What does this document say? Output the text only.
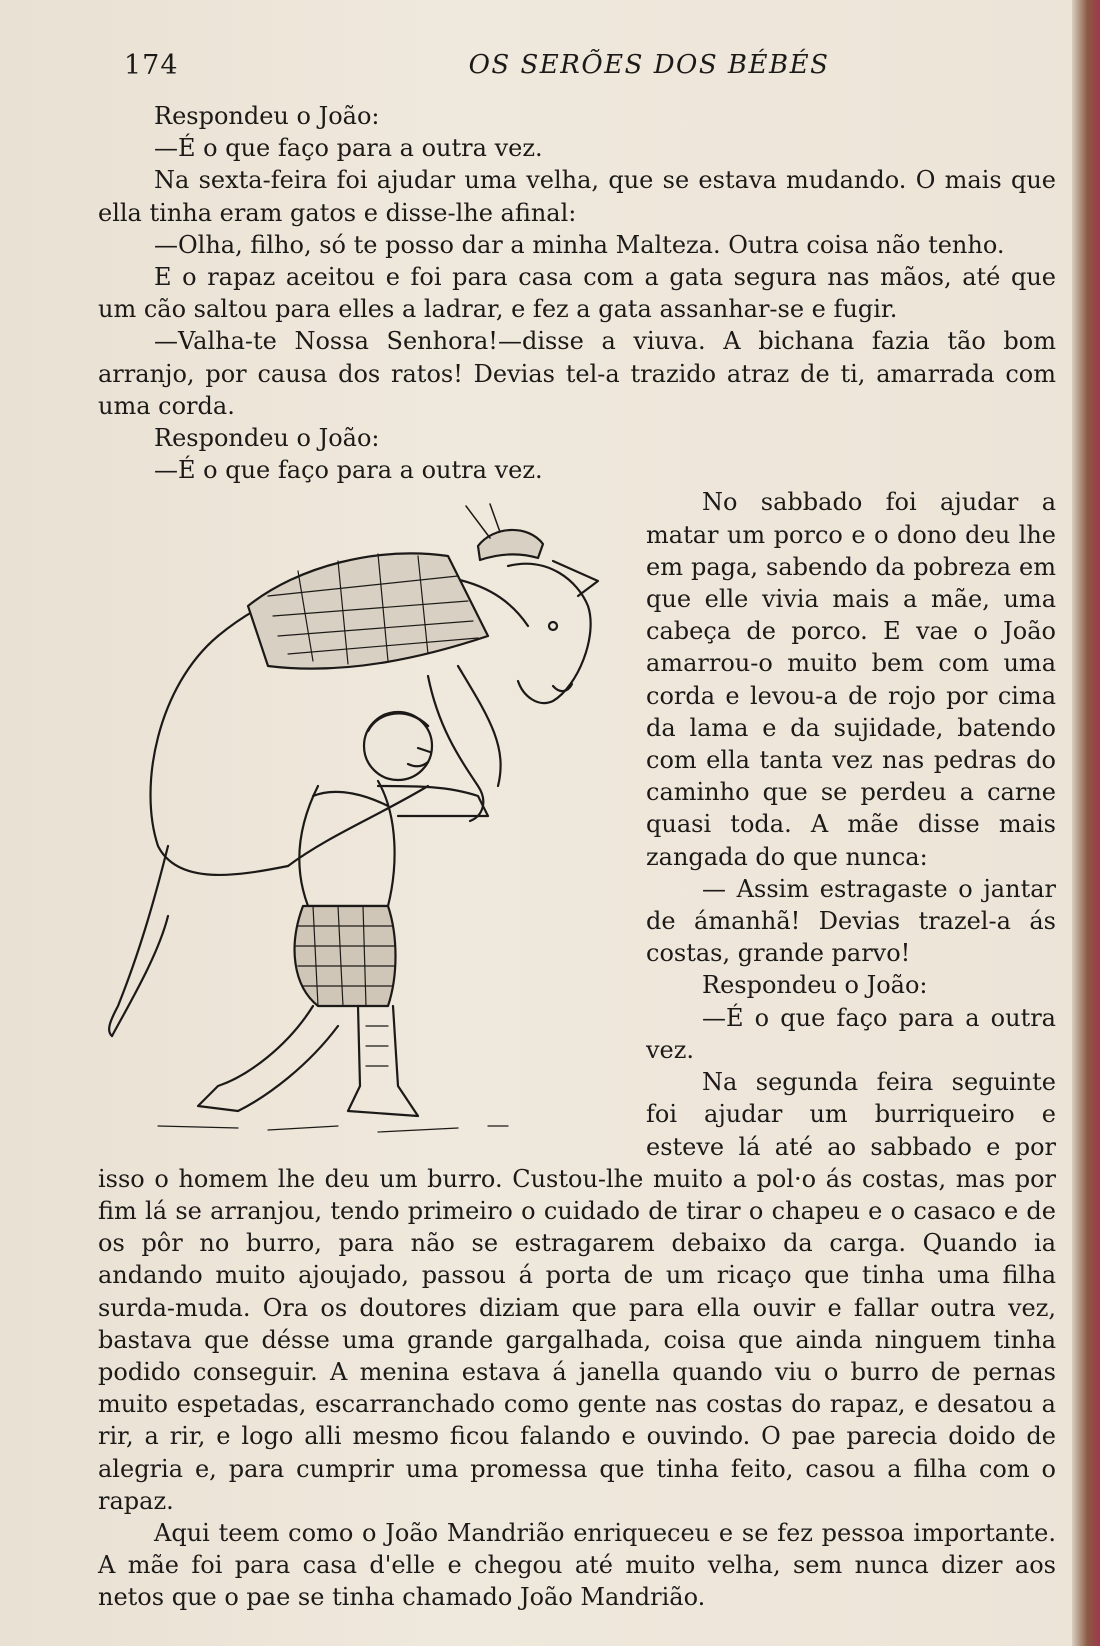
174	OS SERÕES DOS BÉBÉS

Respondeu o João:

—É o que faço para a outra vez.

Na sexta-feira foi ajudar uma velha, que se estava mudando. O mais que ella tinha eram gatos e disse-lhe afinal:

—Olha, filho, só te posso dar a minha Malteza. Outra coisa não tenho.

E o rapaz aceitou e foi para casa com a gata segura nas mãos, até que um cão saltou para elles a ladrar, e fez a gata assanhar-se e fugir.

—Valha-te Nossa Senhora!—disse a viuva. A bichana fazia tão bom arranjo, por causa dos ratos! Devias tel-a trazido atraz de ti, amarrada com uma corda.

Respondeu o João:

—É o que faço para a outra vez.

No sabbado foi ajudar a matar um porco e o dono deu lhe em paga, sabendo da pobreza em que elle vivia mais a mãe, uma cabeça de porco. E vae o João amarrou-o muito bem com uma corda e levou-a de rojo por cima da lama e da sujidade, batendo com ella tanta vez nas pedras do caminho que se perdeu a carne quasi toda. A mãe disse mais zangada do que nunca:

— Assim estragaste o jantar de ámanhã! Devias trazel-a ás costas, grande parvo!

Respondeu o João:

—É o que faço para a outra vez.

Na segunda feira seguinte foi ajudar um burriqueiro e esteve lá até ao sabbado e por isso o homem lhe deu um burro. Custou-lhe muito a pol·o ás costas, mas por fim lá se arranjou, tendo primeiro o cuidado de tirar o chapeu e o casaco e de os pôr no burro, para não se estragarem debaixo da carga. Quando ia andando muito ajoujado, passou á porta de um ricaço que tinha uma filha surda-muda. Ora os doutores diziam que para ella ouvir e fallar outra vez, bastava que désse uma grande gargalhada, coisa que ainda ninguem tinha podido conseguir. A menina estava á janella quando viu o burro de pernas muito espetadas, escarranchado como gente nas costas do rapaz, e desatou a rir, a rir, e logo alli mesmo ficou falando e ouvindo. O pae parecia doido de alegria e, para cumprir uma promessa que tinha feito, casou a filha com o rapaz.

Aqui teem como o João Mandrião enriqueceu e se fez pessoa importante. A mãe foi para casa d'elle e chegou até muito velha, sem nunca dizer aos netos que o pae se tinha chamado João Mandrião.
